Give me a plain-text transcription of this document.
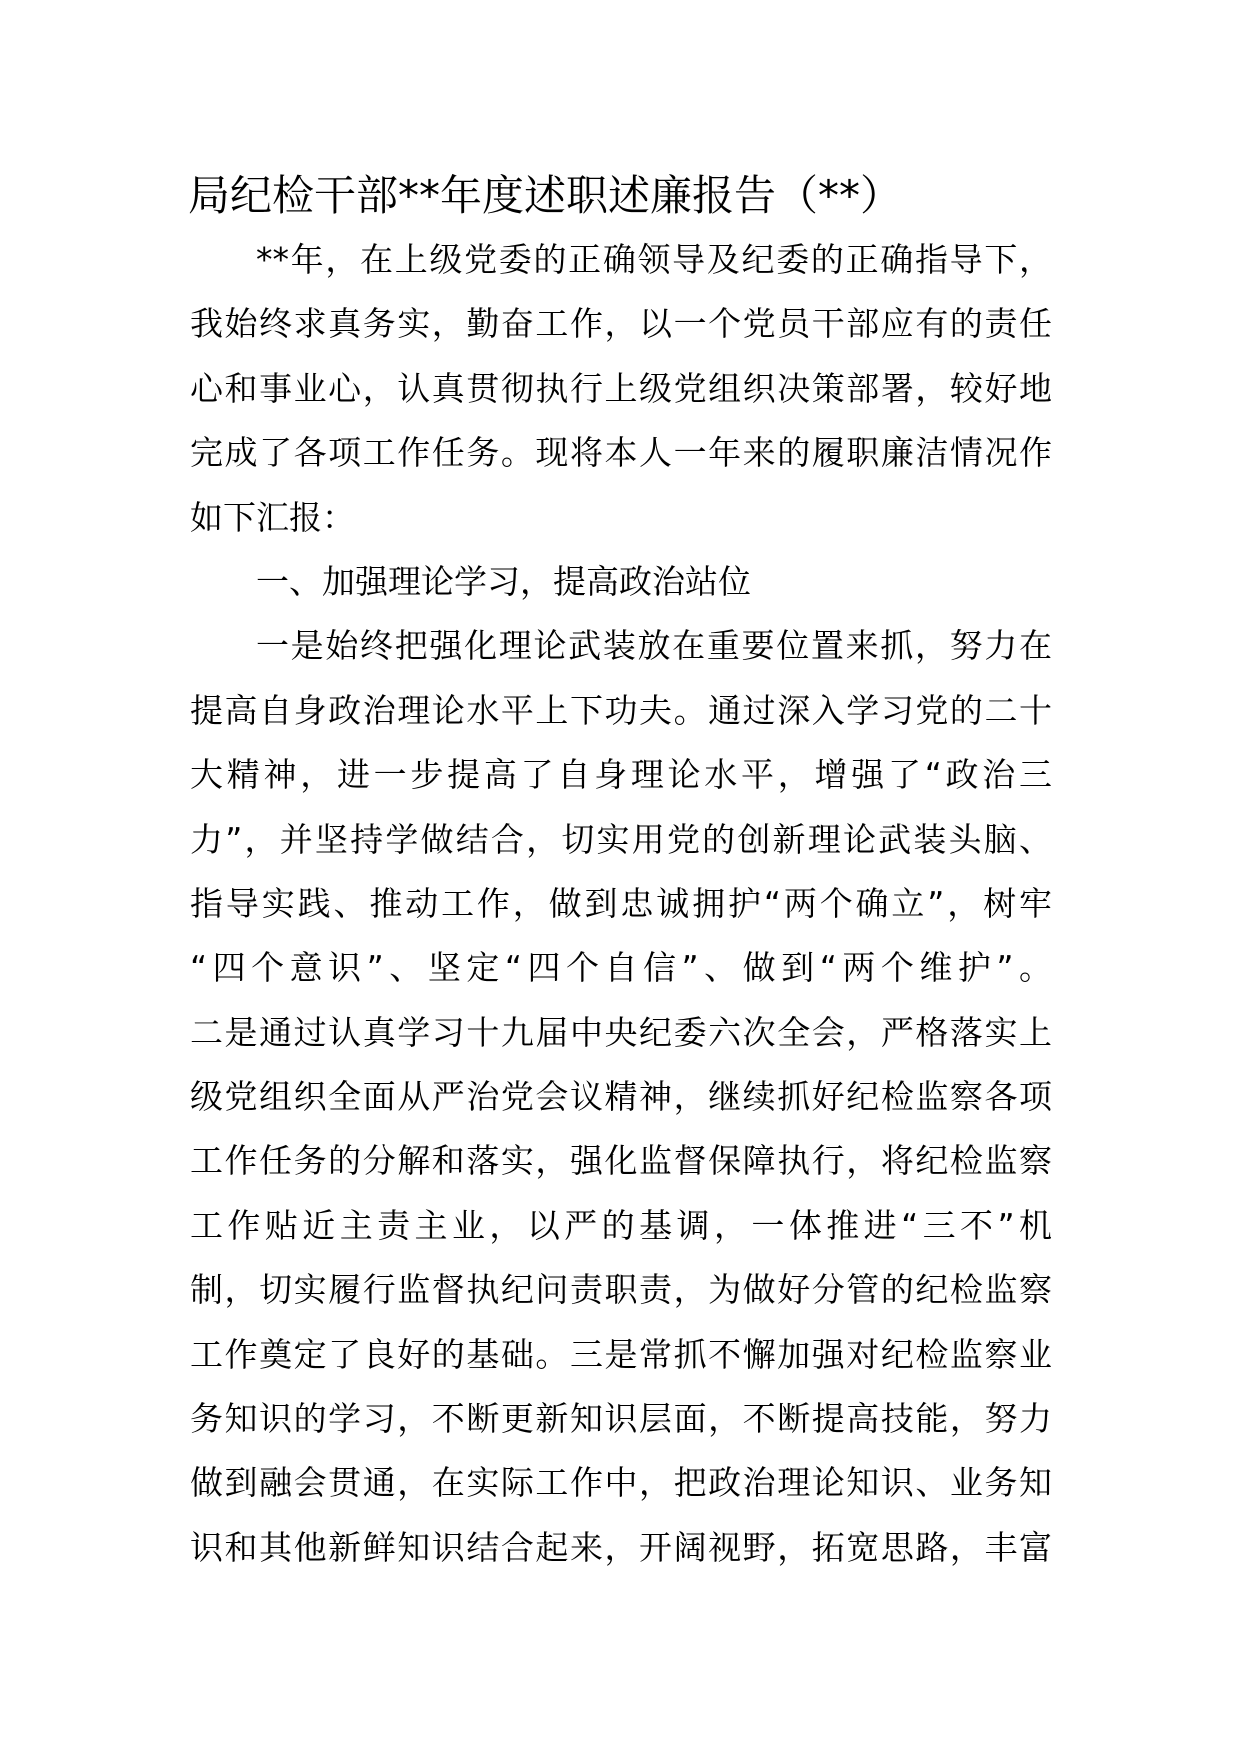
局纪检干部**年度述职述廉报告（**）
**年，在上级党委的正确领导及纪委的正确指导下，
我始终求真务实，勤奋工作，以一个党员干部应有的责任
心和事业心，认真贯彻执行上级党组织决策部署，较好地
完成了各项工作任务。现将本人一年来的履职廉洁情况作
如下汇报：
一、加强理论学习，提高政治站位
一是始终把强化理论武装放在重要位置来抓，努力在
提高自身政治理论水平上下功夫。通过深入学习党的二十
大精神，进一步提高了自身理论水平，增强了“政治三
力”，并坚持学做结合，切实用党的创新理论武装头脑、
指导实践、推动工作，做到忠诚拥护“两个确立”，树牢
“四个意识”、坚定“四个自信”、做到“两个维护”。
二是通过认真学习十九届中央纪委六次全会，严格落实上
级党组织全面从严治党会议精神，继续抓好纪检监察各项
工作任务的分解和落实，强化监督保障执行，将纪检监察
工作贴近主责主业，以严的基调，一体推进“三不”机
制，切实履行监督执纪问责职责，为做好分管的纪检监察
工作奠定了良好的基础。三是常抓不懈加强对纪检监察业
务知识的学习，不断更新知识层面，不断提高技能，努力
做到融会贯通，在实际工作中，把政治理论知识、业务知
识和其他新鲜知识结合起来，开阔视野，拓宽思路，丰富
